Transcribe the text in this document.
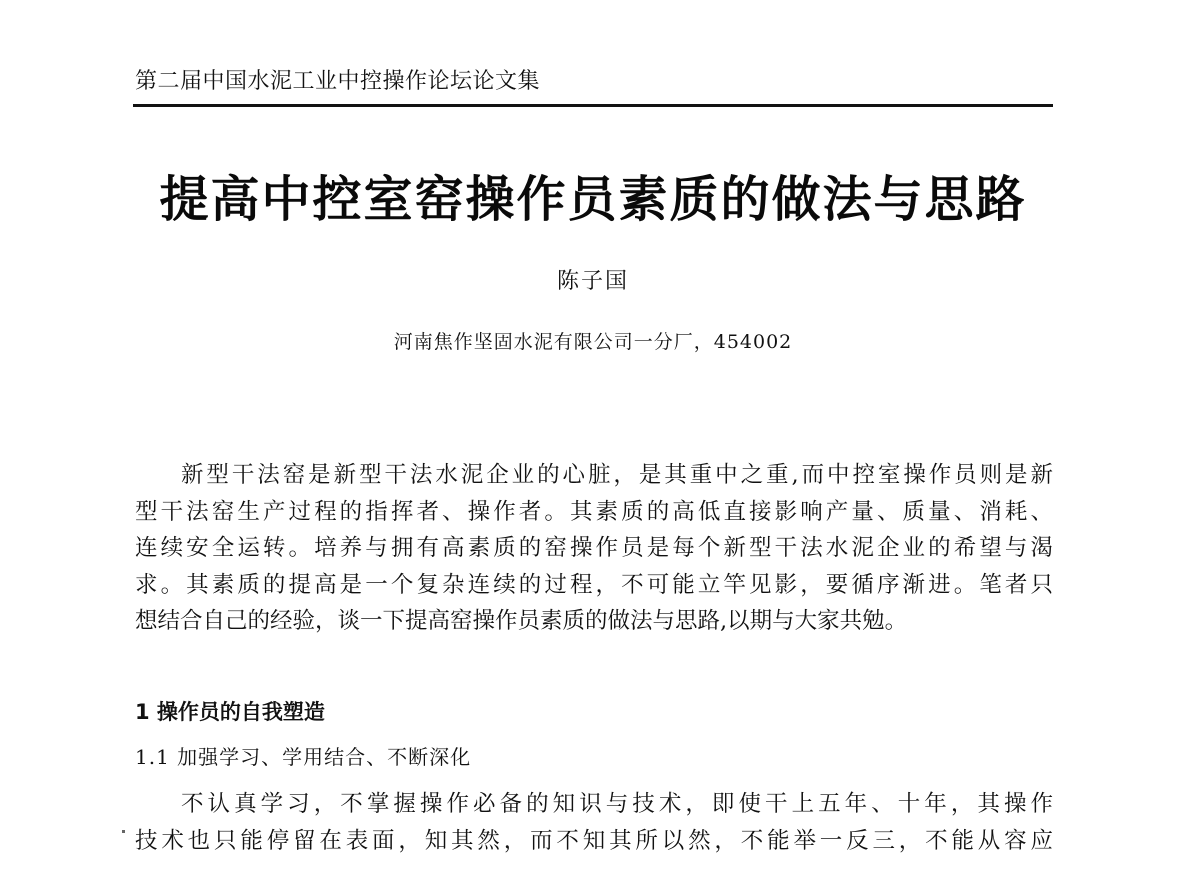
第二届中国水泥工业中控操作论坛论文集
提高中控室窑操作员素质的做法与思路
陈子国
河南焦作坚固水泥有限公司一分厂，454002
新型干法窑是新型干法水泥企业的心脏，是其重中之重,而中控室操作员则是新
型干法窑生产过程的指挥者、操作者。其素质的高低直接影响产量、质量、消耗、
连续安全运转。培养与拥有高素质的窑操作员是每个新型干法水泥企业的希望与渴
求。其素质的提高是一个复杂连续的过程，不可能立竿见影，要循序渐进。笔者只
想结合自己的经验，谈一下提高窑操作员素质的做法与思路,以期与大家共勉。
1 操作员的自我塑造
1.1 加强学习、学用结合、不断深化
不认真学习，不掌握操作必备的知识与技术，即使干上五年、十年，其操作
技术也只能停留在表面，知其然，而不知其所以然，不能举一反三，不能从容应
